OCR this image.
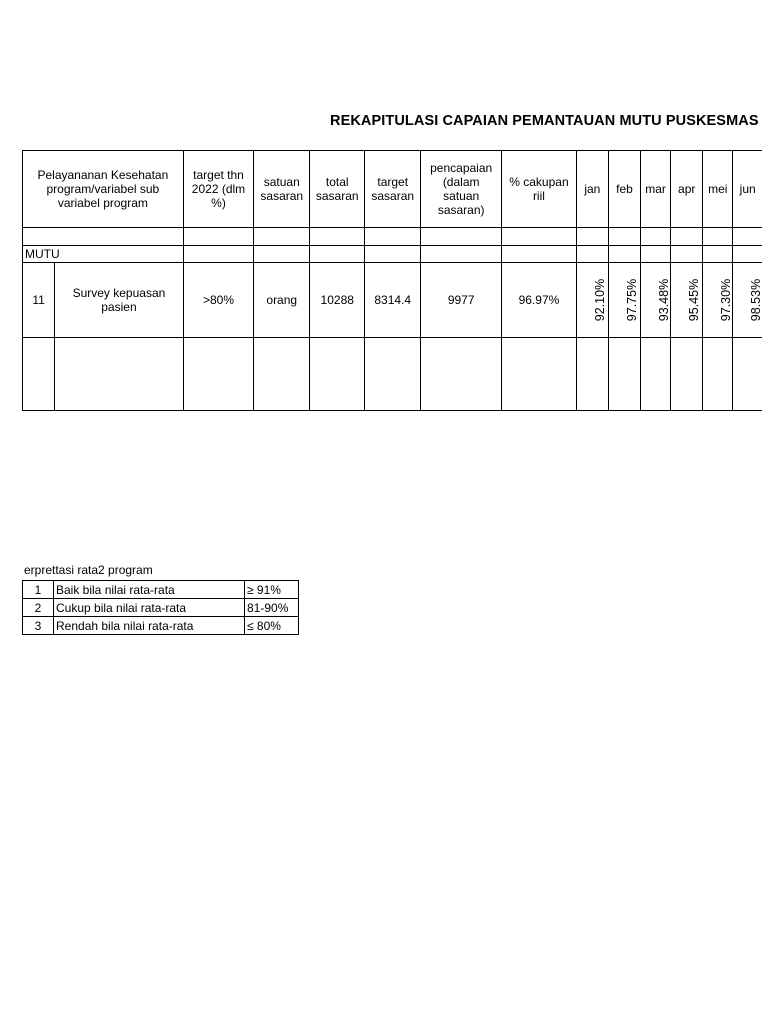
REKAPITULASI CAPAIAN PEMANTAUAN MUTU PUSKESMAS
Pelayananan Kesehatan program/variabel sub variabel program		target thn 2022 (dlm %)	satuan sasaran	total sasaran	target sasaran	pencapaian (dalam satuan sasaran)	% cakupan riil	jan	feb	mar	apr	mei	jun

MUTU													
11	Survey kepuasan pasien	>80%	orang	10288	8314.4	9977	96.97%	92.10%	97.75%	93.48%	95.45%	97.30%	98.53%

erprettasi rata2 program
1	Baik bila nilai rata-rata	≥ 91%
2	Cukup bila nilai rata-rata	81-90%
3	Rendah bila nilai rata-rata	≤ 80%
